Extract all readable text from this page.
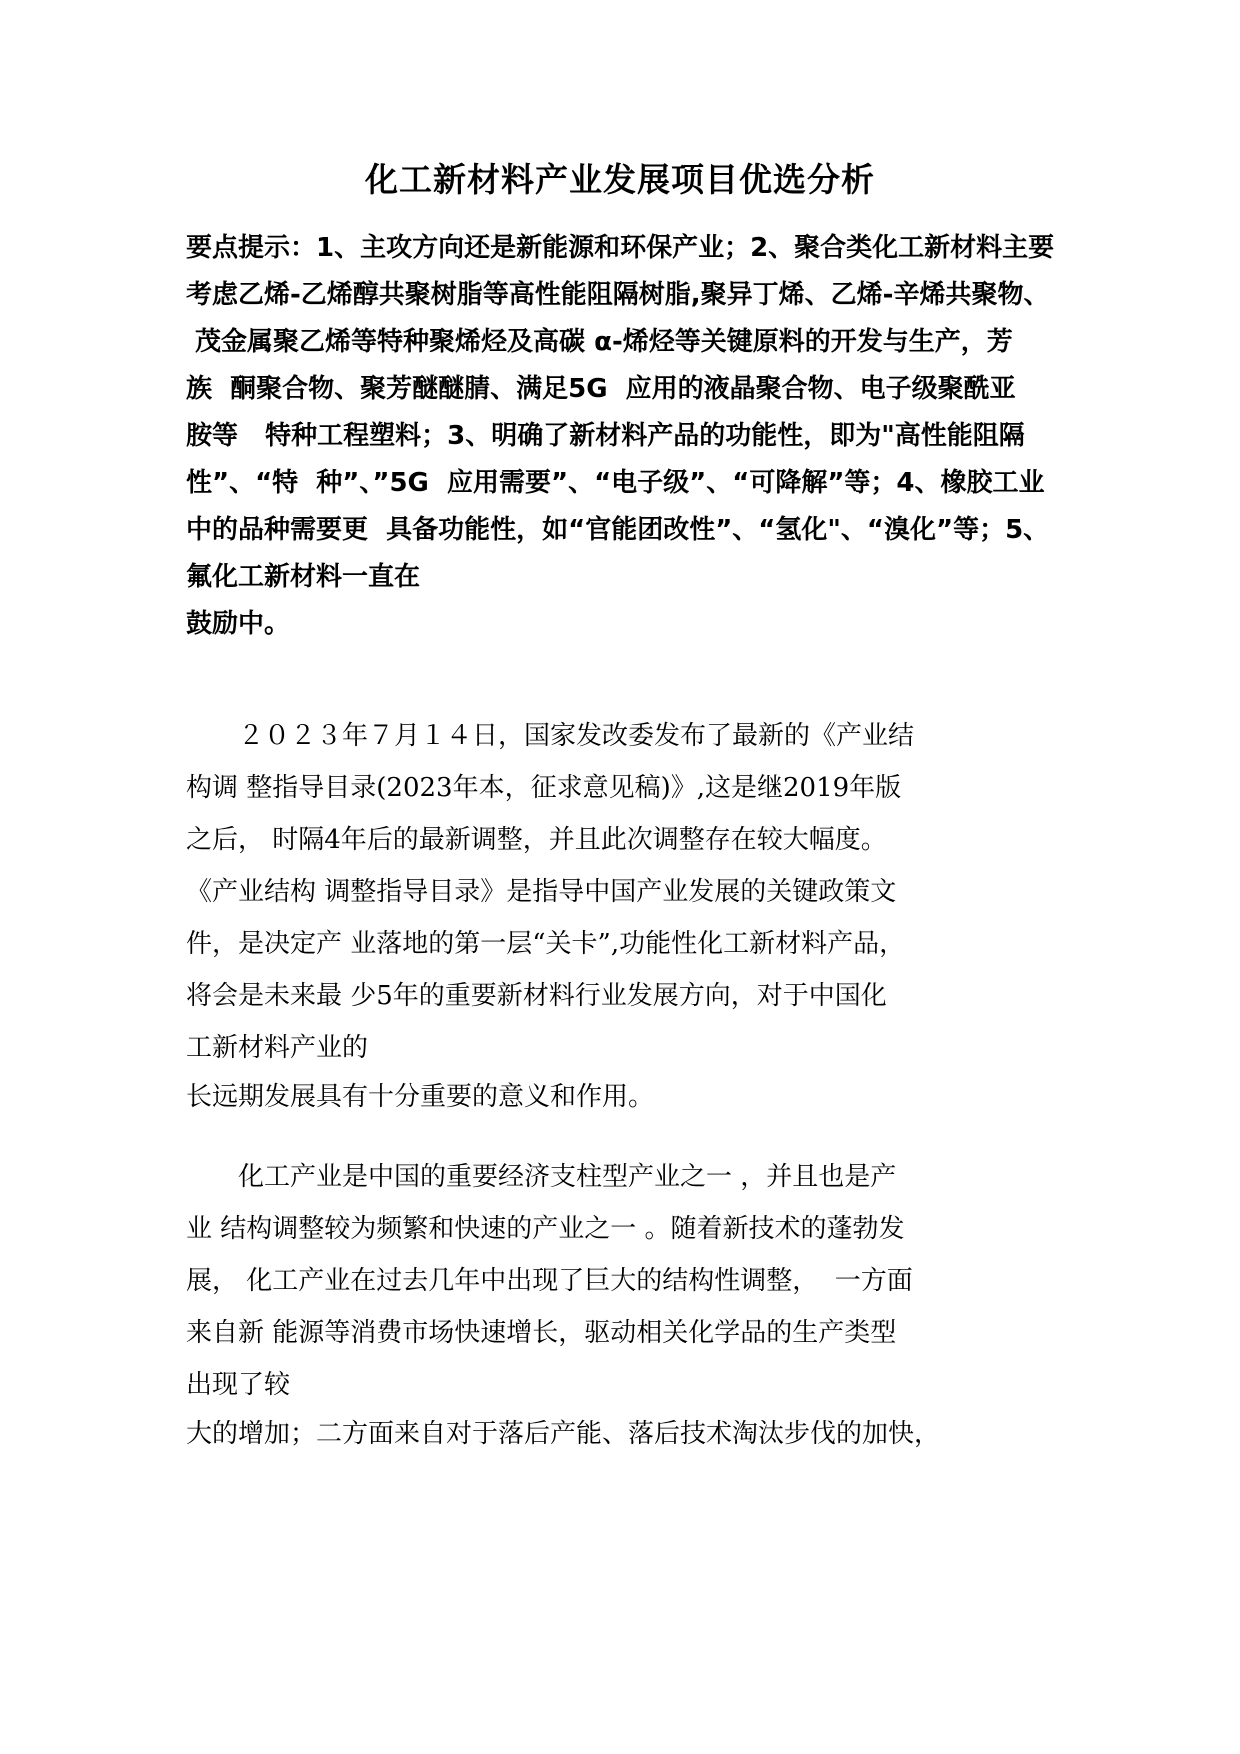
化工新材料产业发展项目优选分析

要点提示：1、主攻方向还是新能源和环保产业；2、聚合类化工新材料主要

考虑乙烯-乙烯醇共聚树脂等高性能阻隔树脂,聚异丁烯、乙烯-辛烯共聚物、

茂金属聚乙烯等特种聚烯烃及高碳 α-烯烃等关键原料的开发与生产，芳

族  酮聚合物、聚芳醚醚腈、满足5G  应用的液晶聚合物、电子级聚酰亚

胺等   特种工程塑料；3、明确了新材料产品的功能性，即为"高性能阻隔

性”、“特  种”、”5G  应用需要”、“电子级”、“可降解”等；4、橡胶工业

中的品种需要更  具备功能性，如“官能团改性”、“氢化"、“溴化”等；5、

氟化工新材料一直在

鼓励中。

　　２０２３年７月１４日，国家发改委发布了最新的《产业结

构调 整指导目录(2023年本，征求意见稿)》,这是继2019年版

之后， 时隔4年后的最新调整，并且此次调整存在较大幅度。

《产业结构 调整指导目录》是指导中国产业发展的关键政策文

件，是决定产 业落地的第一层“关卡”,功能性化工新材料产品，

将会是未来最 少5年的重要新材料行业发展方向，对于中国化

工新材料产业的

长远期发展具有十分重要的意义和作用。

　　化工产业是中国的重要经济支柱型产业之一 ，并且也是产

业 结构调整较为频繁和快速的产业之一 。随着新技术的蓬勃发

展， 化工产业在过去几年中出现了巨大的结构性调整，  一方面

来自新 能源等消费市场快速增长，驱动相关化学品的生产类型

出现了较

大的增加；二方面来自对于落后产能、落后技术淘汰步伐的加快，
